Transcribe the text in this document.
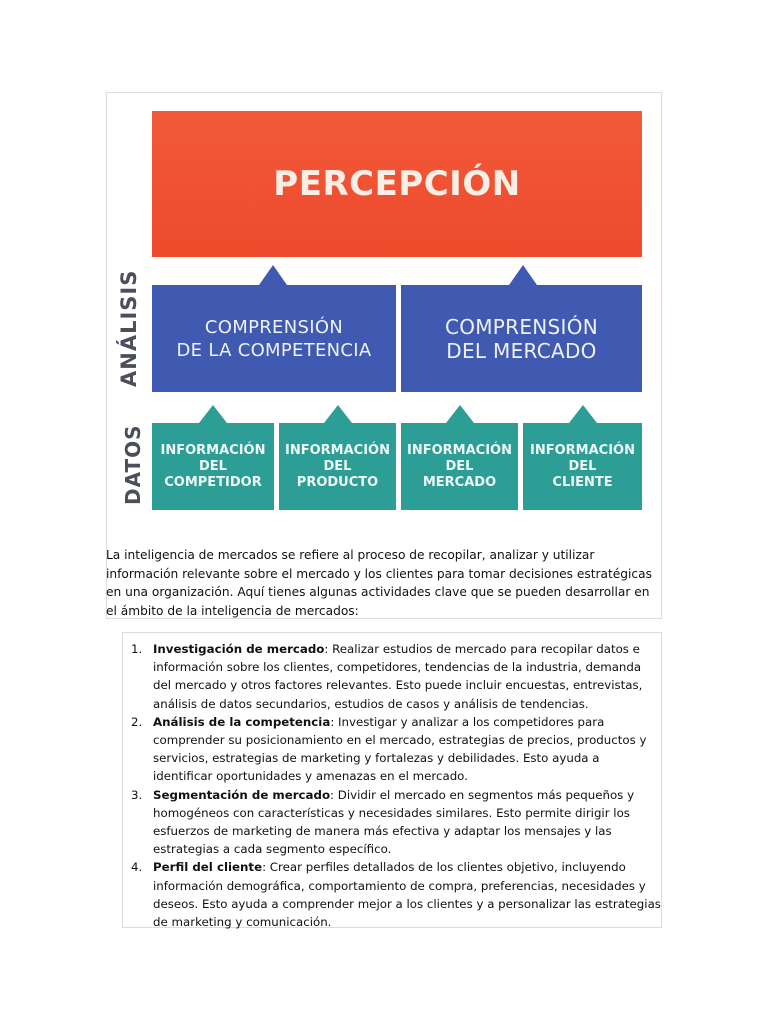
PERCEPCIÓN
ANÁLISIS
DATOS
COMPRENSIÓN
DE LA COMPETENCIA
COMPRENSIÓN
DEL MERCADO
INFORMACIÓN
DEL
COMPETIDOR
INFORMACIÓN
DEL
PRODUCTO
INFORMACIÓN
DEL
MERCADO
INFORMACIÓN
DEL
CLIENTE

La inteligencia de mercados se refiere al proceso de recopilar, analizar y utilizar información relevante sobre el mercado y los clientes para tomar decisiones estratégicas en una organización. Aquí tienes algunas actividades clave que se pueden desarrollar en el ámbito de la inteligencia de mercados:

1. Investigación de mercado: Realizar estudios de mercado para recopilar datos e información sobre los clientes, competidores, tendencias de la industria, demanda del mercado y otros factores relevantes. Esto puede incluir encuestas, entrevistas, análisis de datos secundarios, estudios de casos y análisis de tendencias.
2. Análisis de la competencia: Investigar y analizar a los competidores para comprender su posicionamiento en el mercado, estrategias de precios, productos y servicios, estrategias de marketing y fortalezas y debilidades. Esto ayuda a identificar oportunidades y amenazas en el mercado.
3. Segmentación de mercado: Dividir el mercado en segmentos más pequeños y homogéneos con características y necesidades similares. Esto permite dirigir los esfuerzos de marketing de manera más efectiva y adaptar los mensajes y las estrategias a cada segmento específico.
4. Perfil del cliente: Crear perfiles detallados de los clientes objetivo, incluyendo información demográfica, comportamiento de compra, preferencias, necesidades y deseos. Esto ayuda a comprender mejor a los clientes y a personalizar las estrategias de marketing y comunicación.
